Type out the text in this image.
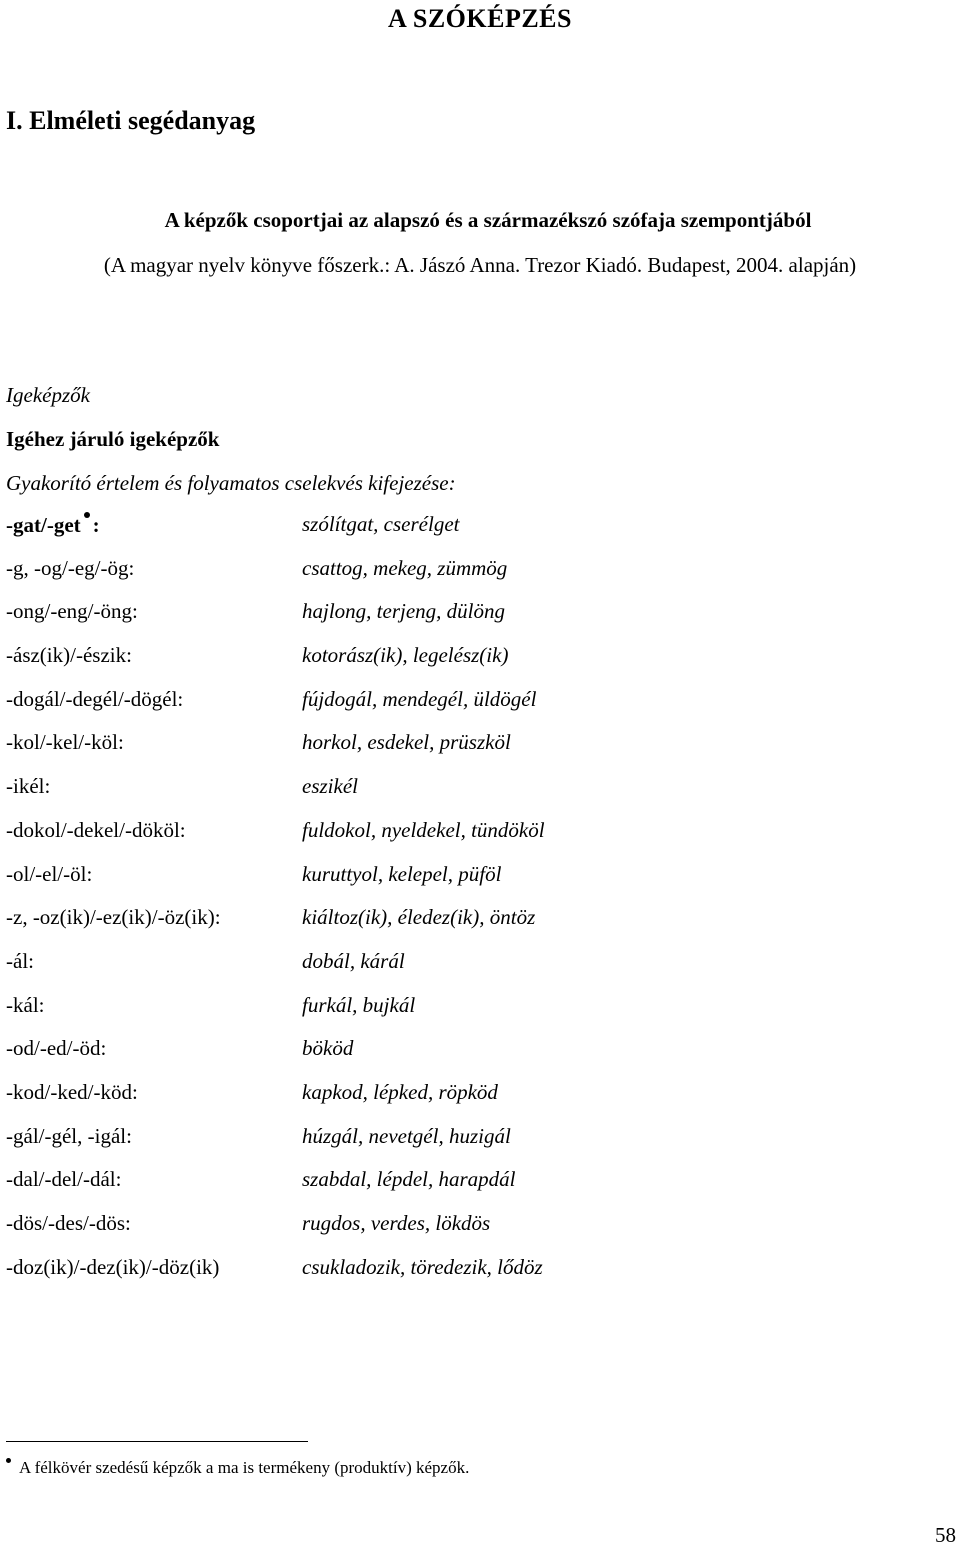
A SZÓKÉPZÉS
I. Elméleti segédanyag
A képzők csoportjai az alapszó és a származékszó szófaja szempontjából
(A magyar nyelv könyve főszerk.: A. Jászó Anna. Trezor Kiadó. Budapest, 2004. alapján)
Igeképzők
Igéhez járuló igeképzők
Gyakorító értelem és folyamatos cselekvés kifejezése:
-gat/-get :	szólítgat, cserélget
-g, -og/-eg/-ög:	csattog, mekeg, zümmög
-ong/-eng/-öng:	hajlong, terjeng, dülöng
-ász(ik)/-észik:	kotorász(ik), legelész(ik)
-dogál/-degél/-dögél:	fújdogál, mendegél, üldögél
-kol/-kel/-köl:	horkol, esdekel, prüszköl
-ikél:	eszikél
-dokol/-dekel/-dököl:	fuldokol, nyeldekel, tündököl
-ol/-el/-öl:	kuruttyol, kelepel, püföl
-z, -oz(ik)/-ez(ik)/-öz(ik):	kiáltoz(ik), éledez(ik), öntöz
-ál:	dobál, kárál
-kál:	furkál, bujkál
-od/-ed/-öd:	bököd
-kod/-ked/-köd:	kapkod, lépked, röpköd
-gál/-gél, -igál:	húzgál, nevetgél, huzigál
-dal/-del/-dál:	szabdal, lépdel, harapdál
-dös/-des/-dös:	rugdos, verdes, lökdös
-doz(ik)/-dez(ik)/-döz(ik)	csukladozik, töredezik, lődöz
A félkövér szedésű képzők a ma is termékeny (produktív) képzők.
58
